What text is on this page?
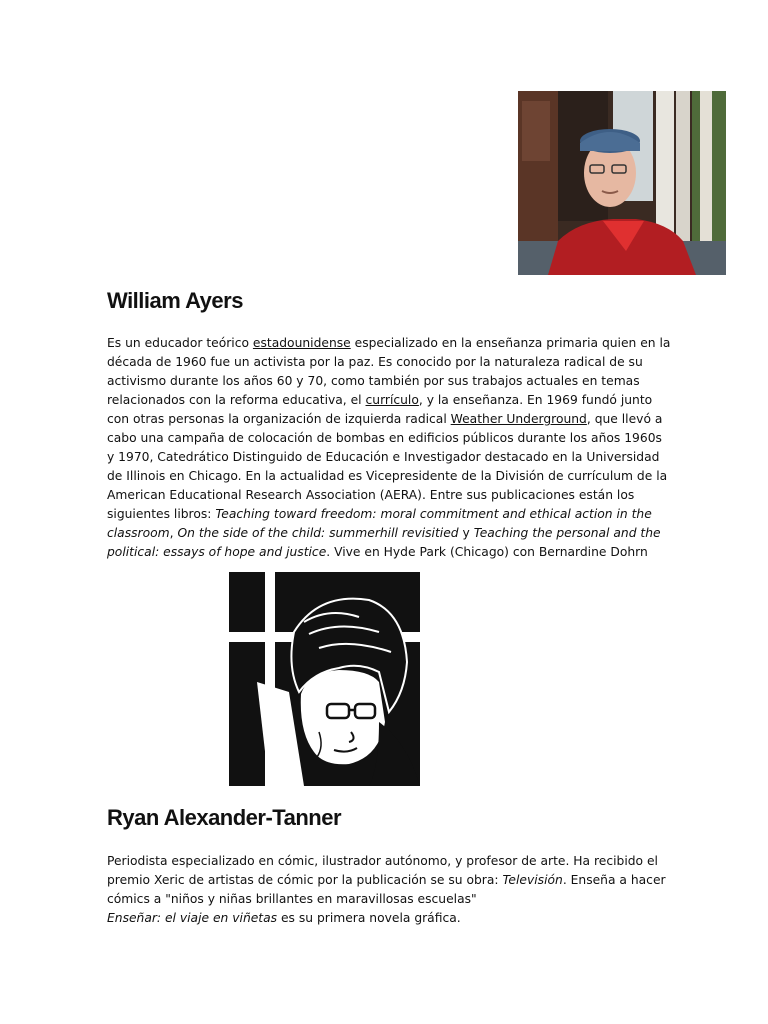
William Ayers

Es un educador teórico estadounidense especializado en la enseñanza primaria quien en la década de 1960 fue un activista por la paz. Es conocido por la naturaleza radical de su activismo durante los años 60 y 70, como también por sus trabajos actuales en temas relacionados con la reforma educativa, el currículo, y la enseñanza. En 1969 fundó junto con otras personas la organización de izquierda radical Weather Underground, que llevó a cabo una campaña de colocación de bombas en edificios públicos durante los años 1960s y 1970, Catedrático Distinguido de Educación e Investigador destacado en la Universidad de Illinois en Chicago. En la actualidad es Vicepresidente de la División de currículum de la American Educational Research Association (AERA). Entre sus publicaciones están los siguientes libros: Teaching toward freedom: moral commitment and ethical action in the classroom, On the side of the child: summerhill revisitied y Teaching the personal and the political: essays of hope and justice. Vive en Hyde Park (Chicago) con Bernardine Dohrn

Ryan Alexander-Tanner

Periodista especializado en cómic, ilustrador autónomo, y profesor de arte. Ha recibido el premio Xeric de artistas de cómic por la publicación se su obra: Televisión. Enseña a hacer cómics a "niños y niñas brillantes en maravillosas escuelas"
Enseñar: el viaje en viñetas es su primera novela gráfica.
